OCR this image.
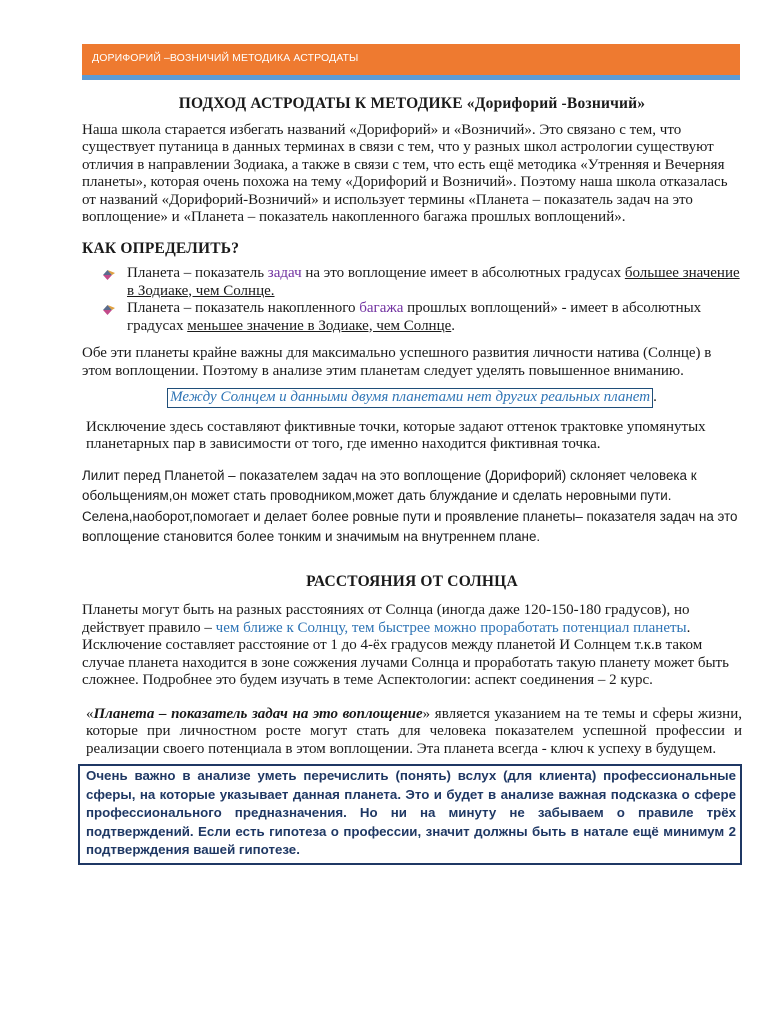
ДОРИФОРИЙ –ВОЗНИЧИЙ МЕТОДИКА АСТРОДАТЫ

ПОДХОД АСТРОДАТЫ К МЕТОДИКЕ «Дорифорий -Возничий»

Наша школа старается избегать названий «Дорифорий» и «Возничий». Это связано с тем, что существует путаница в данных терминах в связи с тем, что у разных школ астрологии существуют отличия в направлении Зодиака, а также в связи с тем, что есть ещё методика «Утренняя и Вечерняя планеты», которая очень похожа на тему «Дорифорий и Возничий». Поэтому наша школа отказалась от названий «Дорифорий-Возничий» и использует термины «Планета – показатель задач на это воплощение» и «Планета – показатель накопленного багажа прошлых воплощений».

КАК ОПРЕДЕЛИТЬ?

Планета – показатель задач на это воплощение имеет в абсолютных градусах большее значение в Зодиаке, чем Солнце.
Планета – показатель накопленного багажа прошлых воплощений» - имеет в абсолютных градусах меньшее значение в Зодиаке, чем Солнце.

Обе эти планеты крайне важны для максимально успешного развития личности натива (Солнце) в этом воплощении. Поэтому в анализе этим планетам следует уделять повышенное вниманию.

Между Солнцем и данными двумя планетами нет других реальных планет .

Исключение здесь составляют фиктивные точки, которые задают оттенок трактовке упомянутых планетарных пар в зависимости от того, где именно находится фиктивная точка.

Лилит перед Планетой – показателем задач на это воплощение (Дорифорий) склоняет человека к обольщениям,он может стать проводником,может дать блуждание и сделать неровными пути. Селена,наоборот,помогает и делает более ровные пути и проявление планеты– показателя задач на это воплощение становится более тонким и значимым на внутреннем плане.

РАССТОЯНИЯ ОТ СОЛНЦА

Планеты могут быть на разных расстояниях от Солнца (иногда даже 120-150-180 градусов), но действует правило – чем ближе к Солнцу, тем быстрее можно проработать потенциал планеты. Исключение составляет расстояние от 1 до 4-ёх градусов между планетой И Солнцем т.к.в таком случае планета находится в зоне сожжения лучами Солнца и проработать такую планету может быть сложнее. Подробнее это будем изучать в теме Аспектологии: аспект соединения – 2 курс.

«Планета – показатель задач на это воплощение» является указанием на те темы и сферы жизни, которые при личностном росте могут стать для человека показателем успешной профессии и реализации своего потенциала в этом воплощении. Эта планета всегда - ключ к успеху в будущем.

Очень важно в анализе уметь перечислить (понять) вслух (для клиента) профессиональные сферы, на которые указывает данная планета. Это и будет в анализе важная подсказка о сфере профессионального предназначения. Но ни на минуту не забываем о правиле трёх подтверждений. Если есть гипотеза о профессии, значит должны быть в натале ещё минимум 2 подтверждения вашей гипотезе.
